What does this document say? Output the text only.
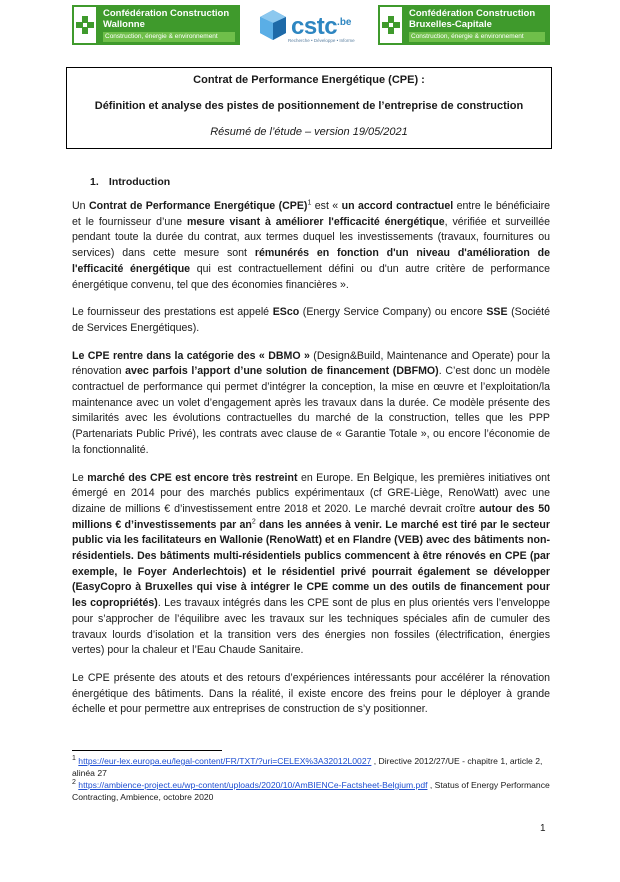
Confédération Construction
Wallonne
Construction, énergie & environnement	cstc .be
Recherche • Développe • Informe
Confédération Construction
Bruxelles-Capitale
Construction, énergie & environnement
Contrat de Performance Energétique (CPE) :
Définition et analyse des pistes de positionnement de l’entreprise de construction
Résumé de l’étude – version 19/05/2021
1. Introduction

Un Contrat de Performance Energétique (CPE)$^1$ est « un accord contractuel entre le bénéficiaire et le fournisseur d’une mesure visant à améliorer l'efficacité énergétique, vérifiée et surveillée pendant toute la durée du contrat, aux termes duquel les investissements (travaux, fournitures ou services) dans cette mesure sont rémunérés en fonction d'un niveau d'amélioration de l'efficacité énergétique qui est contractuellement défini ou d'un autre critère de performance énergétique convenu, tel que des économies financières ».

Le fournisseur des prestations est appelé ESco (Energy Service Company) ou encore SSE (Société de Services Energétiques).

Le CPE rentre dans la catégorie des « DBMO » (Design&Build, Maintenance and Operate) pour la rénovation avec parfois l’apport d’une solution de financement (DBFMO). C’est donc un modèle contractuel de performance qui permet d’intégrer la conception, la mise en œuvre et l’exploitation/la maintenance avec un volet d’engagement après les travaux dans la durée. Ce modèle présente des similarités avec les évolutions contractuelles du marché de la construction, telles que les PPP (Partenariats Public Privé), les contrats avec clause de « Garantie Totale », ou encore l’économie de la fonctionnalité.

Le marché des CPE est encore très restreint en Europe. En Belgique, les premières initiatives ont émergé en 2014 pour des marchés publics expérimentaux (cf GRE-Liège, RenoWatt) avec une dizaine de millions € d’investissement entre 2018 et 2020. Le marché devrait croître autour des 50 millions € d’investissements par $an^2$ dans les années à venir. Le marché est tiré par le secteur public via les facilitateurs en Wallonie (RenoWatt) et en Flandre (VEB) avec des bâtiments non-résidentiels. Des bâtiments multi-résidentiels publics commencent à être rénovés en CPE (par exemple, le Foyer Anderlechtois) et le résidentiel privé pourrait également se développer (EasyCopro à Bruxelles qui vise à intégrer le CPE comme un des outils de financement pour les copropriétés). Les travaux intégrés dans les CPE sont de plus en plus orientés vers l’enveloppe pour s’approcher de l’équilibre avec les travaux sur les techniques spéciales afin de cumuler des travaux lourds d’isolation et la transition vers des énergies non fossiles (électrification, énergies vertes) pour la chaleur et l’Eau Chaude Sanitaire.

Le CPE présente des atouts et des retours d’expériences intéressants pour accélérer la rénovation énergétique des bâtiments. Dans la réalité, il existe encore des freins pour le déployer à grande échelle et pour permettre aux entreprises de construction de s’y positionner.

$^1$ https://eur-lex.europa.eu/legal-content/FR/TXT/?uri=CELEX%3A32012L0027 , Directive 2012/27/UE - chapitre 1, article 2, alinéa 27
$^2$ https://ambience-project.eu/wp-content/uploads/2020/10/AmBIENCe-Factsheet-Belgium.pdf , Status of Energy Performance Contracting, Ambience, octobre 2020
1
